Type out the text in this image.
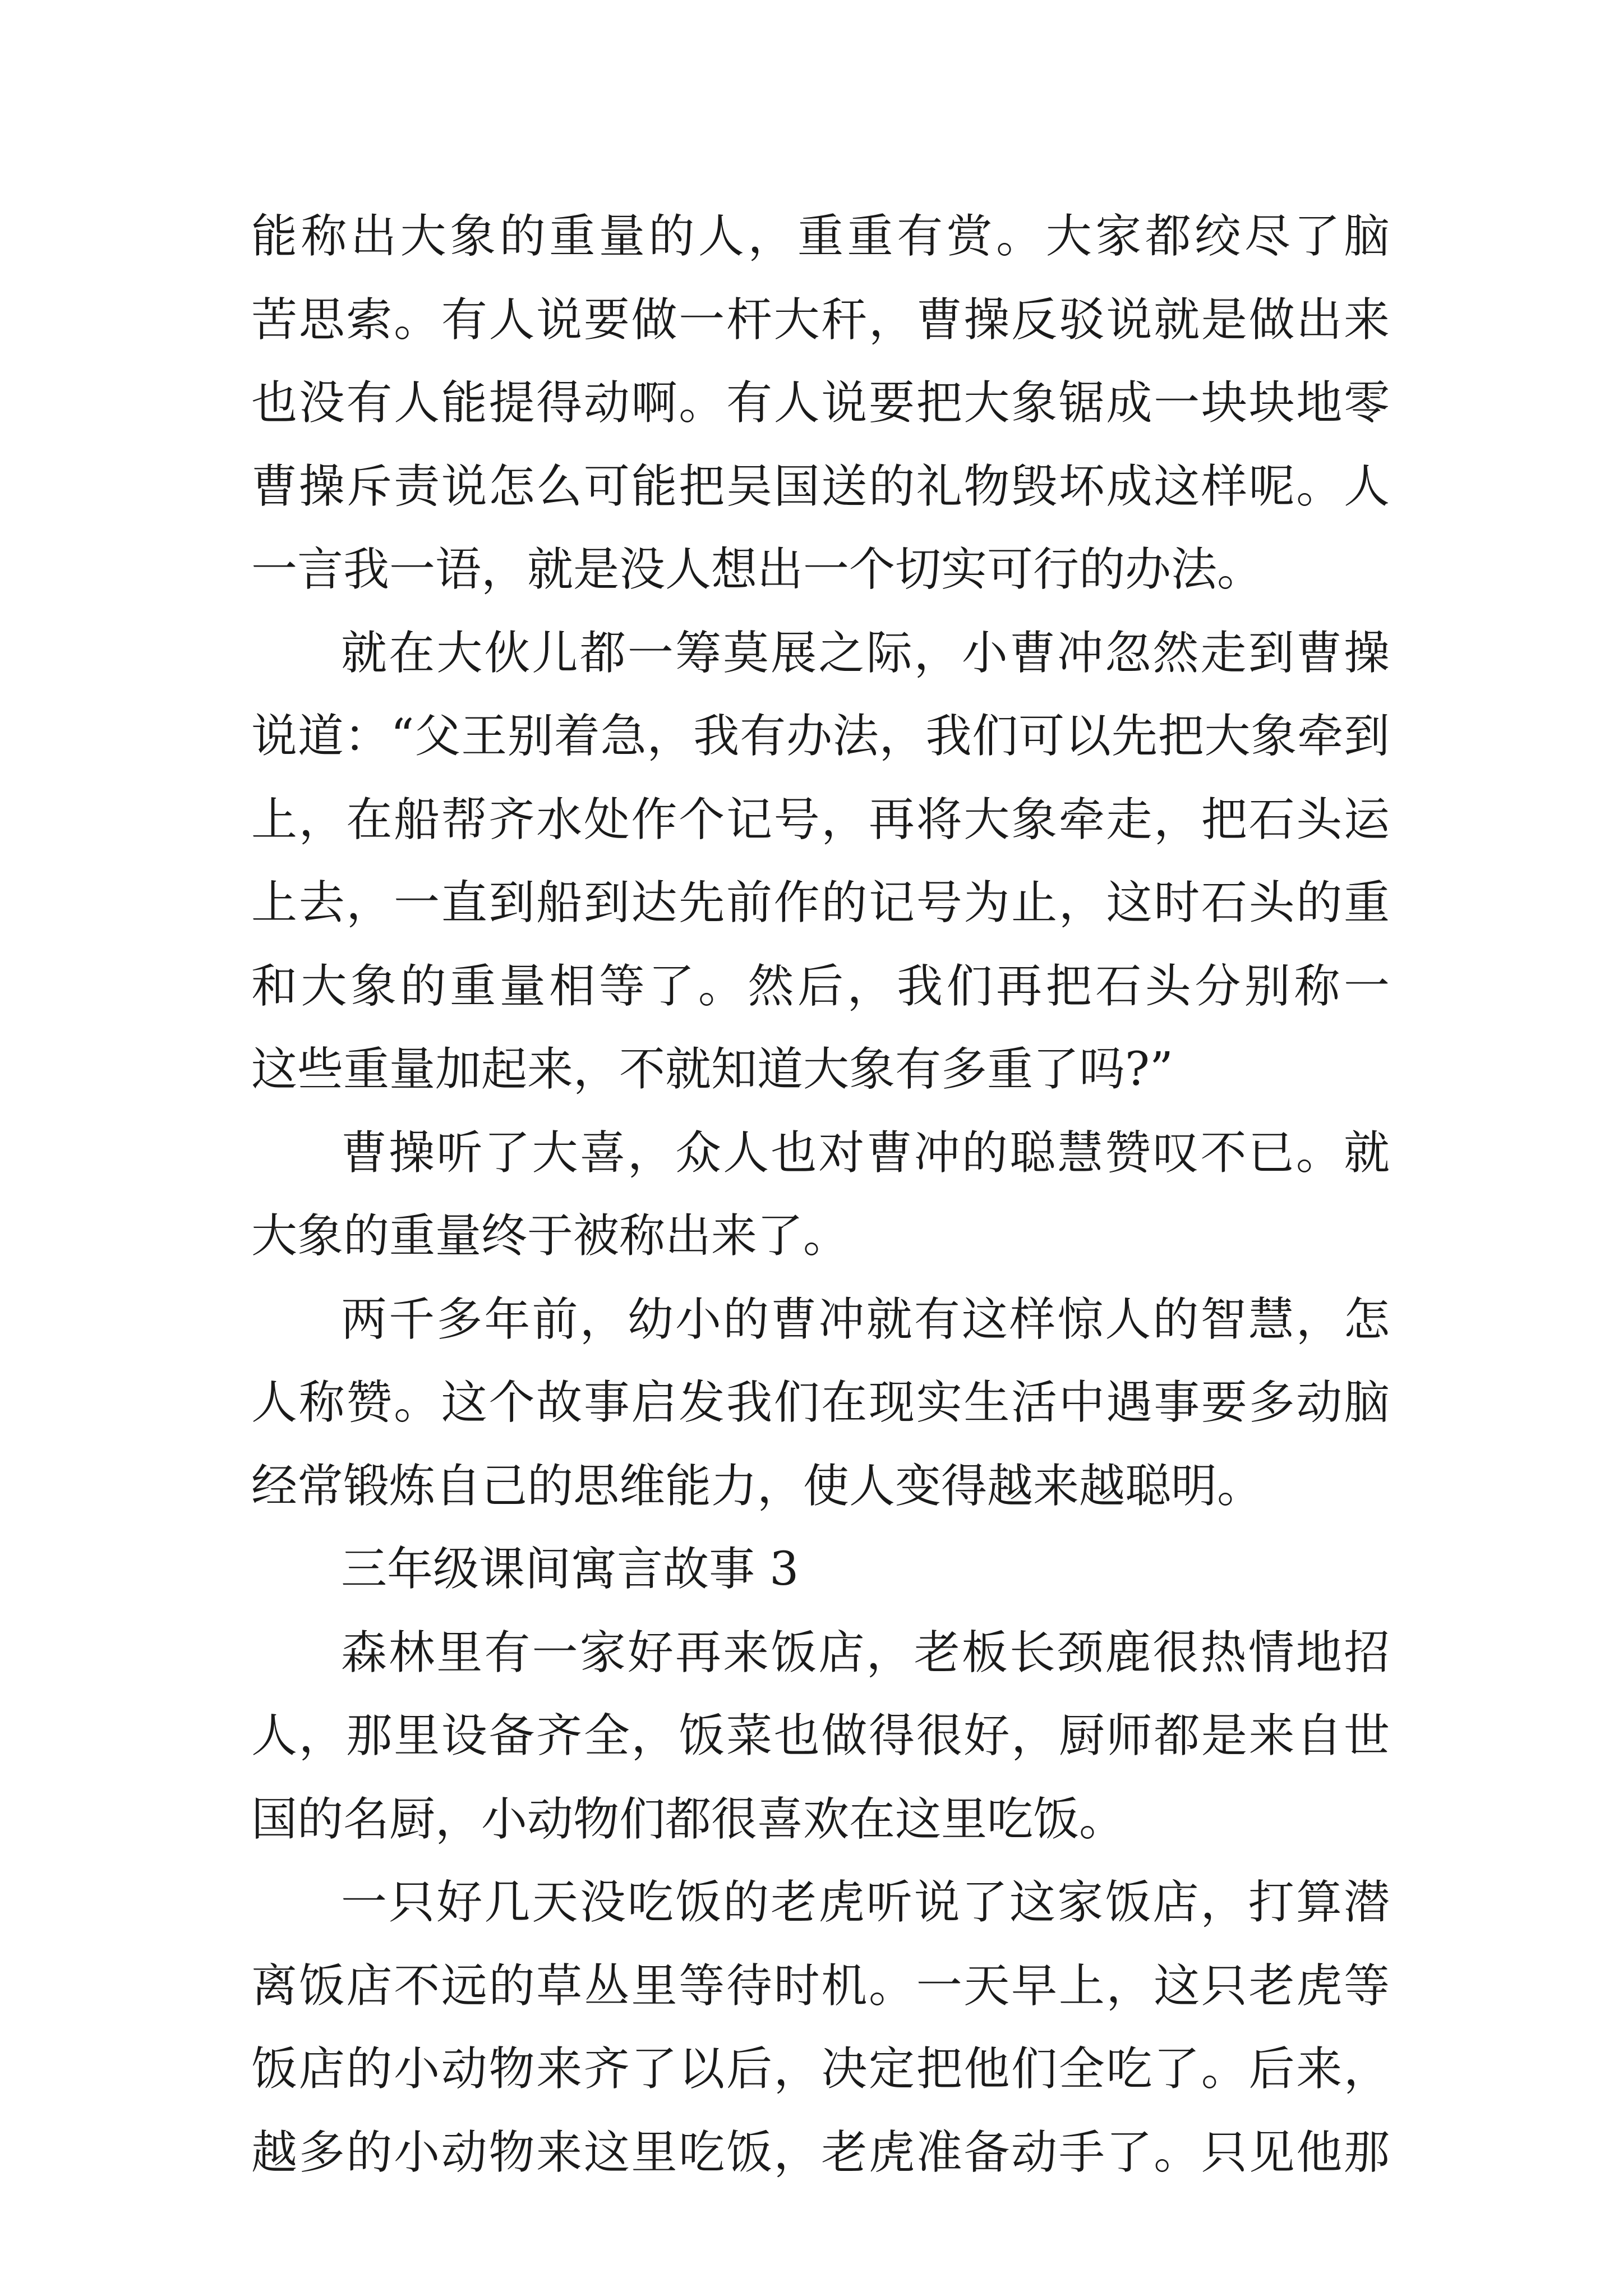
能称出大象的重量的人，重重有赏。大家都绞尽了脑
苦思索。有人说要做一杆大秆，曹操反驳说就是做出来
也没有人能提得动啊。有人说要把大象锯成一块块地零
曹操斥责说怎么可能把吴国送的礼物毁坏成这样呢。人
一言我一语，就是没人想出一个切实可行的办法。
就在大伙儿都一筹莫展之际，小曹冲忽然走到曹操
说道：“父王别着急，我有办法，我们可以先把大象牵到
上，在船帮齐水处作个记号，再将大象牵走，把石头运
上去，一直到船到达先前作的记号为止，这时石头的重
和大象的重量相等了。然后，我们再把石头分别称一
这些重量加起来，不就知道大象有多重了吗?”
曹操听了大喜，众人也对曹冲的聪慧赞叹不已。就
大象的重量终于被称出来了。
两千多年前，幼小的曹冲就有这样惊人的智慧，怎
人称赞。这个故事启发我们在现实生活中遇事要多动脑
经常锻炼自己的思维能力，使人变得越来越聪明。
三年级课间寓言故事 3
森林里有一家好再来饭店，老板长颈鹿很热情地招
人，那里设备齐全，饭菜也做得很好，厨师都是来自世
国的名厨，小动物们都很喜欢在这里吃饭。
一只好几天没吃饭的老虎听说了这家饭店，打算潜
离饭店不远的草丛里等待时机。一天早上，这只老虎等
饭店的小动物来齐了以后，决定把他们全吃了。后来，
越多的小动物来这里吃饭，老虎准备动手了。只见他那
